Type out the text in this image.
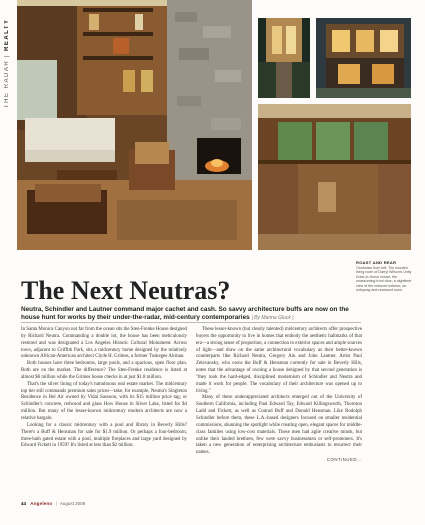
THE RADAR
|
REALTY
ROAST AND REAR
Clockwise from left: The wooden living room of Darryl Wilson's Unity Drive-in-Honor house; the unassuming front door; a nighttime view of the restored exterior; an entryway and recessed room.
The Next Neutras?
Neutra, Schindler and Lautner command major cachet and cash. So savvy architecture buffs are now on the house hunt for works by their under-the-radar, mid-century contemporaries | By Marina Gluck |

In Santa Monica Canyon not far from the ocean sits the Sten-Frenke House designed by Richard Neutra. Commanding a double lot, the house has been meticulously restored and was designated a Los Angeles Historic Cultural Monument. Across town, adjacent to Griffith Park, sits a midcentury home designed by the relatively unknown African-American architect Clyde H. Grimes, a former Tuskegee Airman.

Both houses have three bedrooms, large pools, and a spacious, open floor plan. Both are on the market. The difference? The Sten-Frenke residence is listed at almost $6 million while the Grimes house checks in at just $1.8 million.

That's the silver lining of today's tumultuous real estate market. The midcentury top tier still commands premium sales prices—take, for example, Neutra's Singleton Residence in Bel Air owned by Vidal Sassoon, with its $15 million price tag; or Schindler's concrete, redwood and glass How House in Silver Lake, listed for $4 million. But many of the lesser-known midcentury modern architects are now a relative bargain.

Looking for a classic midcentury with a pool and library in Beverly Hills? There's a Buff & Hensman for sale for $1.9 million. Or perhaps a four-bedroom, three-bath gated estate with a pool, multiple fireplaces and large yard designed by Edward Fickett in 1959? It's listed at less than $2 million.

These lesser-known (but clearly talented) midcentury architects offer prospective buyers the opportunity to live in homes that embody the aesthetic hallmarks of that era—a strong sense of proportion, a connection to exterior spaces and ample sources of light—and draw on the same architectural vocabulary as their better-known counterparts like Richard Neutra, Gregory Ain and John Lautner. Artist Paul Zelevansky, who owns the Buff & Hensman currently for sale in Beverly Hills, notes that the advantage of owning a house designed by that second generation is "they took the hard-edged, disciplined modernism of Schindler and Neutra and made it work for people. The vocabulary of their architecture was opened up to living."

Many of these underappreciated architects emerged out of the University of Southern California, including Paul Edward Tay, Edward Killingsworth, Thornton Ladd and Fickett, as well as Conrad Buff and Donald Hensman. Like Rodolph Schindler before them, these L.A.-based designers focused on smaller residential commissions, shunning the spotlight while creating open, elegant spaces for middle-class families using low-cost materials. These men had agile creative minds, but unlike their lauded brethren, few were savvy businessmen or self-promoters. It's taken a new generation of enterprising architecture enthusiasts to resurrect their names.

CONTINUED...
44 Angeleno | August 2008
